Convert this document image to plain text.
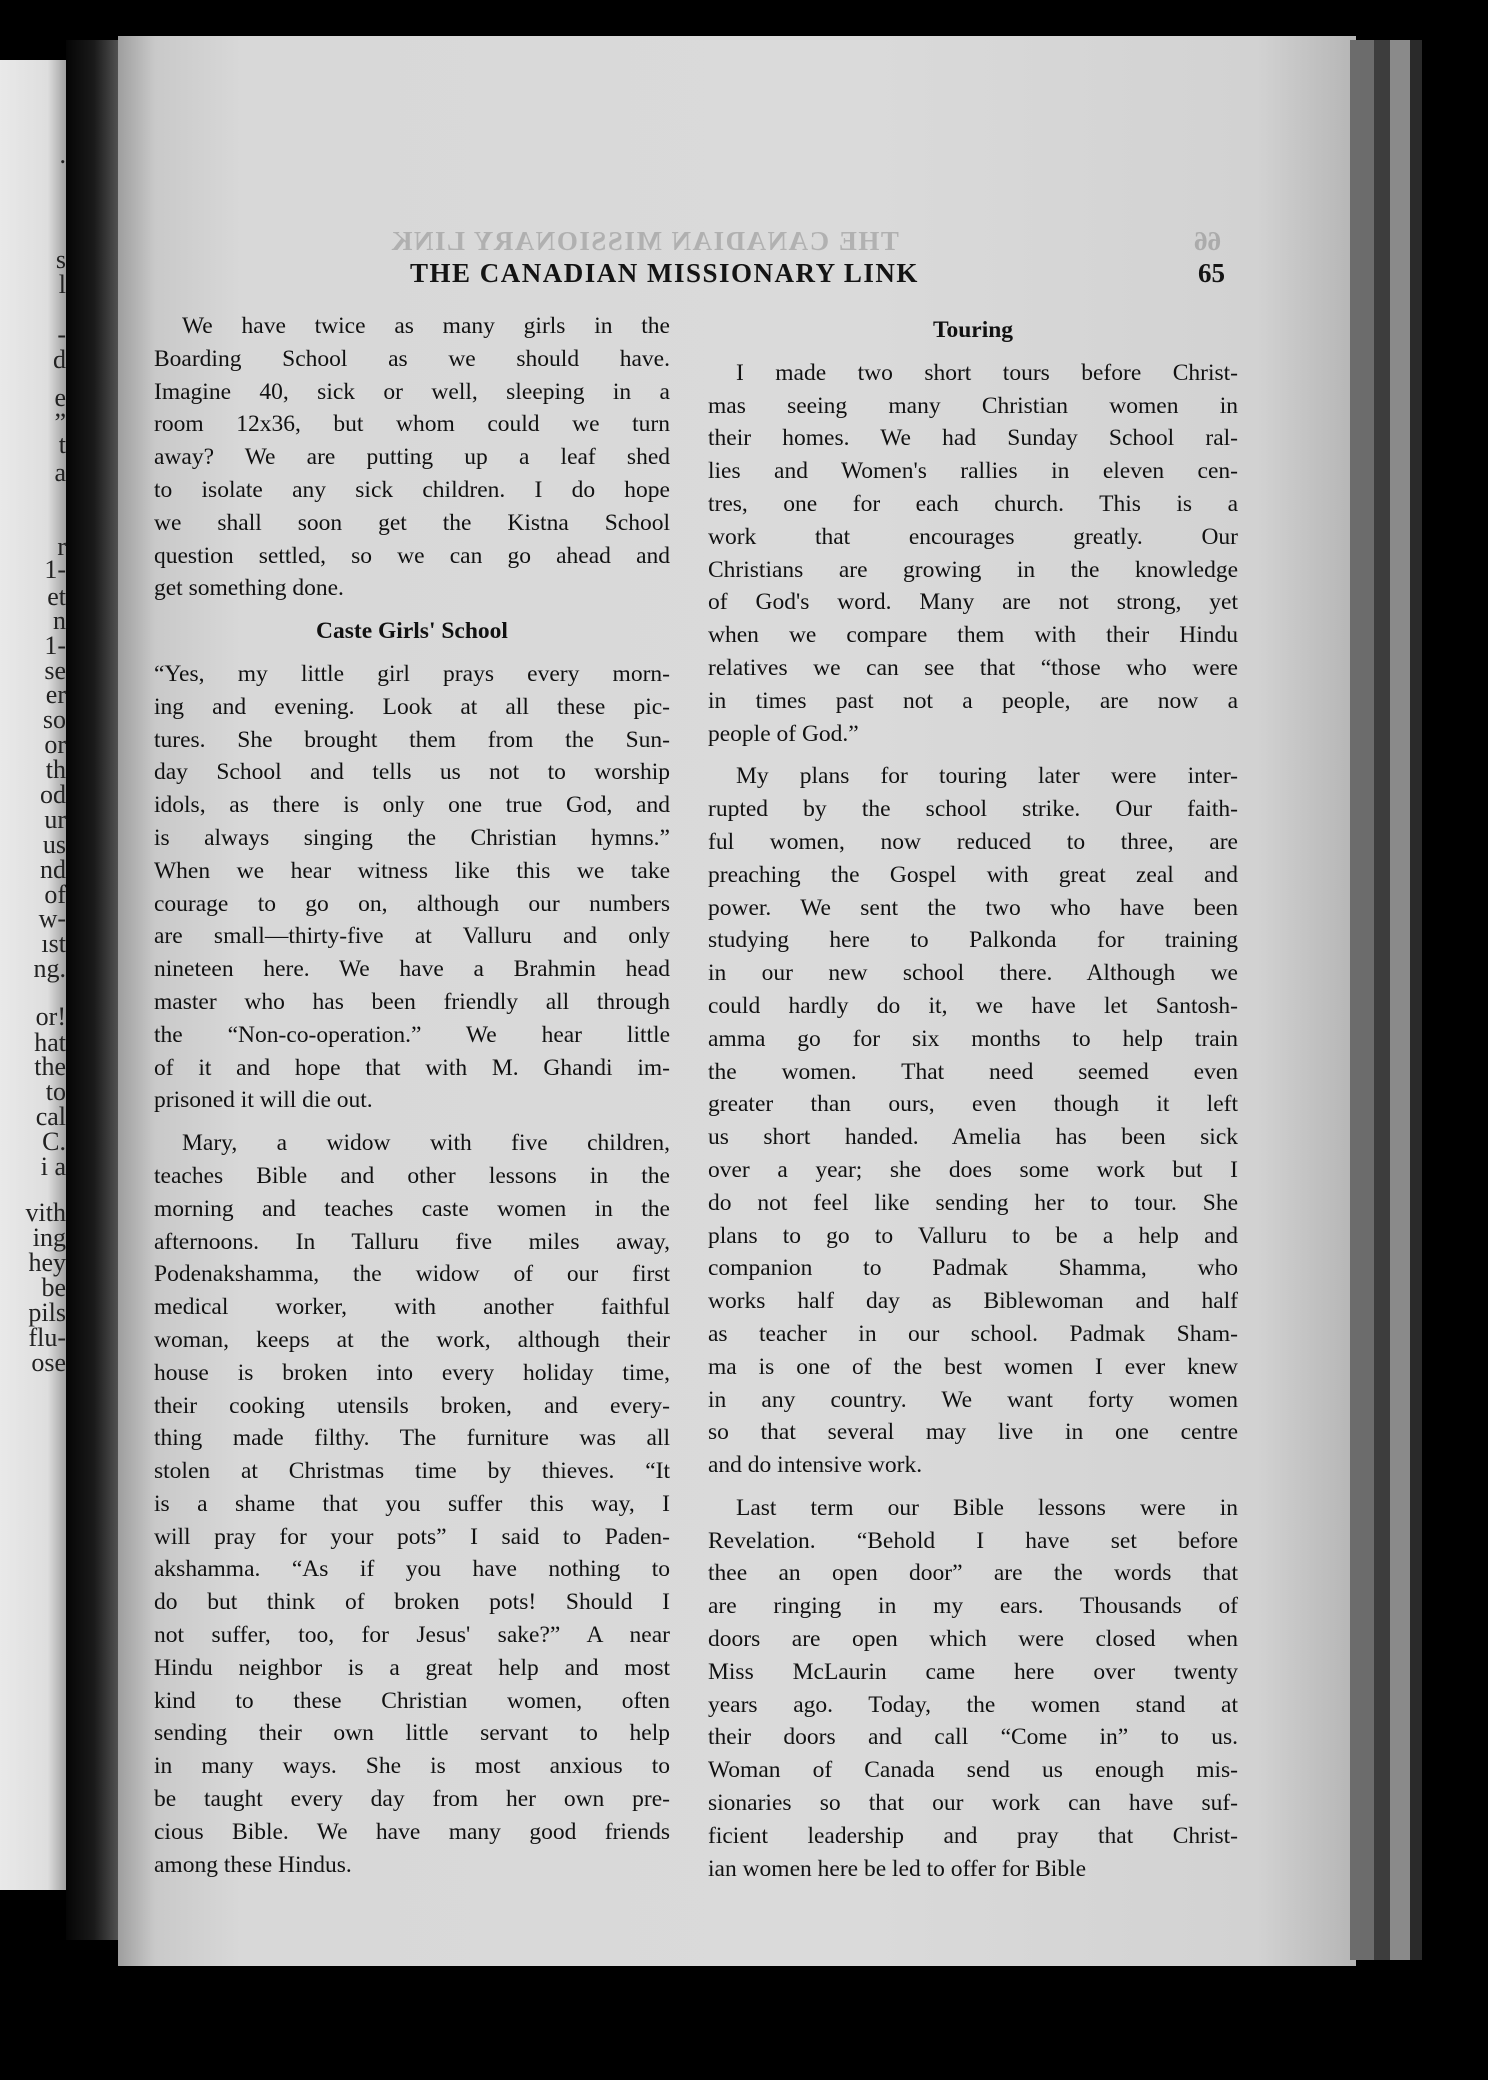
.
s
l
-
d
e
”
t
a
r
1-
et
n
1-
se
er
so
or
th
od
ur
us
nd
of
w-
ıst
ng.
or!
hat
the
to
cal
C.
i a
vith
ing
hey
be
pils
flu-
ose
THE CANADIAN MISSIONARY LINK	66
THE CANADIAN MISSIONARY LINK	65

We have twice as many girls in the
Boarding School as we should have.
Imagine 40, sick or well, sleeping in a
room 12x36, but whom could we turn
away? We are putting up a leaf shed
to isolate any sick children. I do hope
we shall soon get the Kistna School
question settled, so we can go ahead and
get something done.

Caste Girls' School

“Yes, my little girl prays every morn-
ing and evening. Look at all these pic-
tures. She brought them from the Sun-
day School and tells us not to worship
idols, as there is only one true God, and
is always singing the Christian hymns.”
When we hear witness like this we take
courage to go on, although our numbers
are small—thirty-five at Valluru and only
nineteen here. We have a Brahmin head
master who has been friendly all through
the “Non-co-operation.” We hear little
of it and hope that with M. Ghandi im-
prisoned it will die out.

Mary, a widow with five children,
teaches Bible and other lessons in the
morning and teaches caste women in the
afternoons. In Talluru five miles away,
Podenakshamma, the widow of our first
medical worker, with another faithful
woman, keeps at the work, although their
house is broken into every holiday time,
their cooking utensils broken, and every-
thing made filthy. The furniture was all
stolen at Christmas time by thieves. “It
is a shame that you suffer this way, I
will pray for your pots” I said to Paden-
akshamma. “As if you have nothing to
do but think of broken pots! Should I
not suffer, too, for Jesus' sake?” A near
Hindu neighbor is a great help and most
kind to these Christian women, often
sending their own little servant to help
in many ways. She is most anxious to
be taught every day from her own pre-
cious Bible. We have many good friends
among these Hindus.

Touring

I made two short tours before Christ-
mas seeing many Christian women in
their homes. We had Sunday School ral-
lies and Women's rallies in eleven cen-
tres, one for each church. This is a
work that encourages greatly. Our
Christians are growing in the knowledge
of God's word. Many are not strong, yet
when we compare them with their Hindu
relatives we can see that “those who were
in times past not a people, are now a
people of God.”

My plans for touring later were inter-
rupted by the school strike. Our faith-
ful women, now reduced to three, are
preaching the Gospel with great zeal and
power. We sent the two who have been
studying here to Palkonda for training
in our new school there. Although we
could hardly do it, we have let Santosh-
amma go for six months to help train
the women. That need seemed even
greater than ours, even though it left
us short handed. Amelia has been sick
over a year; she does some work but I
do not feel like sending her to tour. She
plans to go to Valluru to be a help and
companion to Padmak Shamma, who
works half day as Biblewoman and half
as teacher in our school. Padmak Sham-
ma is one of the best women I ever knew
in any country. We want forty women
so that several may live in one centre
and do intensive work.

Last term our Bible lessons were in
Revelation. “Behold I have set before
thee an open door” are the words that
are ringing in my ears. Thousands of
doors are open which were closed when
Miss McLaurin came here over twenty
years ago. Today, the women stand at
their doors and call “Come in” to us.
Woman of Canada send us enough mis-
sionaries so that our work can have suf-
ficient leadership and pray that Christ-
ian women here be led to offer for Bible
